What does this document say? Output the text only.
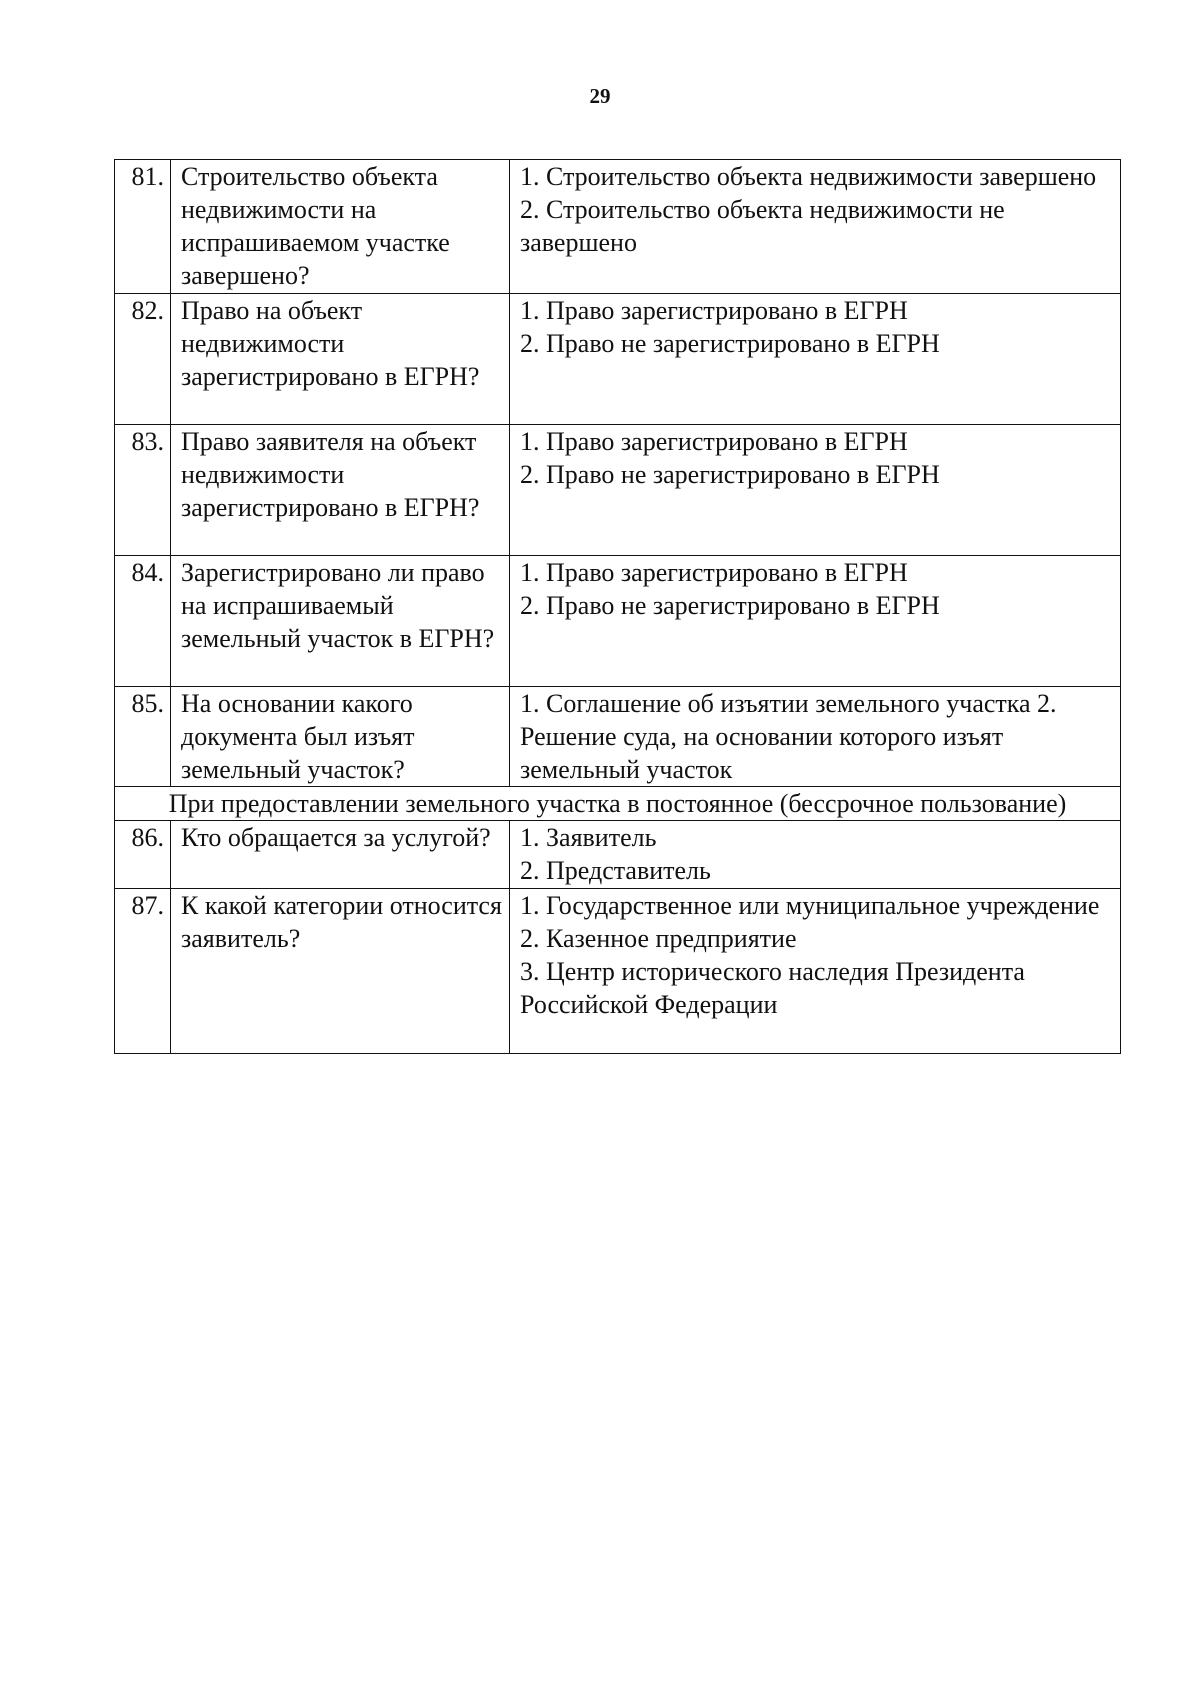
29
81.	Строительство объекта недвижимости на испрашиваемом участке завершено?	1. Строительство объекта недвижимости завершено
2. Строительство объекта недвижимости не завершено

82.	Право на объект недвижимости зарегистрировано в ЕГРН?	1. Право зарегистрировано в ЕГРН
2. Право не зарегистрировано в ЕГРН

83.	Право заявителя на объект недвижимости зарегистрировано в ЕГРН?	1. Право зарегистрировано в ЕГРН
2. Право не зарегистрировано в ЕГРН

84.	Зарегистрировано ли право на испрашиваемый земельный участок в ЕГРН?	1. Право зарегистрировано в ЕГРН
2. Право не зарегистрировано в ЕГРН

85.	На основании какого документа был изъят земельный участок?	1. Соглашение об изъятии земельного участка 2. Решение суда, на основании которого изъят земельный участок

При предоставлении земельного участка в постоянное (бессрочное пользование)		
86.	Кто обращается за услугой?	1. Заявитель
2. Представитель

87.	К какой категории относится заявитель?	1. Государственное или муниципальное учреждение
2. Казенное предприятие
3. Центр исторического наследия Президента Российской Федерации
